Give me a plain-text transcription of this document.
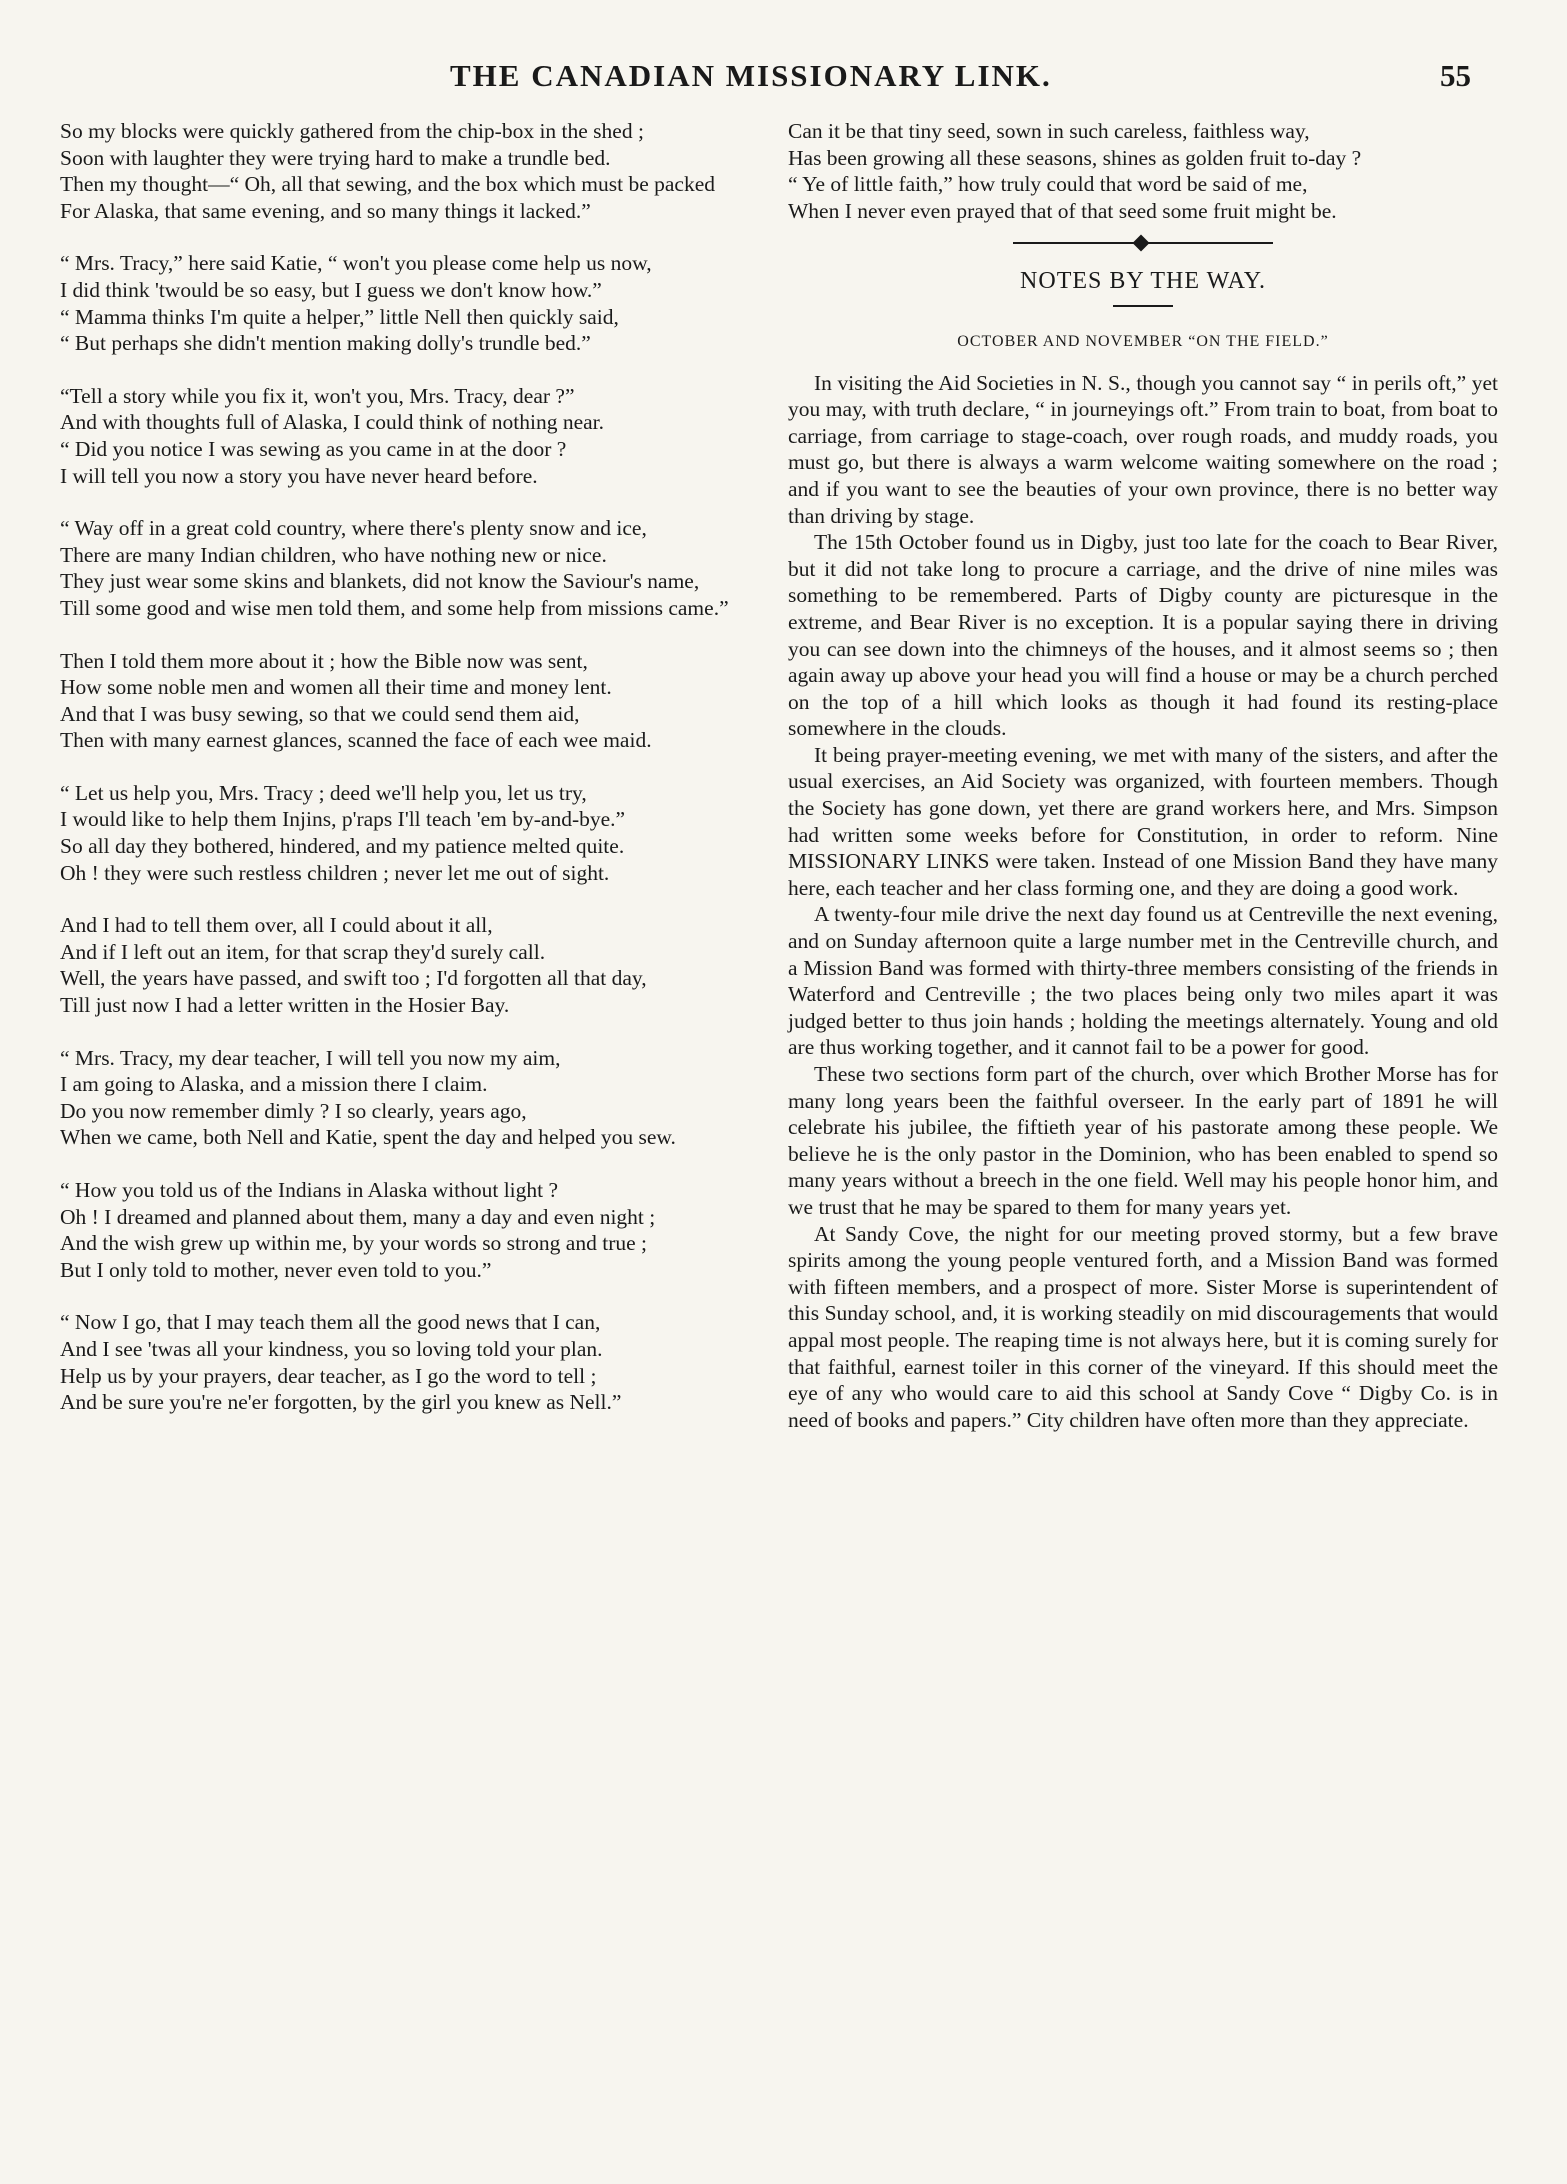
THE CANADIAN MISSIONARY LINK.	55

So my blocks were quickly gathered from the chip-box in the shed ;

Soon with laughter they were trying hard to make a trundle bed.

Then my thought—“ Oh, all that sewing, and the box which must be packed

For Alaska, that same evening, and so many things it lacked.”

“ Mrs. Tracy,” here said Katie, “ won't you please come help us now,

I did think 'twould be so easy, but I guess we don't know how.”

“ Mamma thinks I'm quite a helper,” little Nell then quickly said,

“ But perhaps she didn't mention making dolly's trundle bed.”

“Tell a story while you fix it, won't you, Mrs. Tracy, dear ?”

And with thoughts full of Alaska, I could think of nothing near.

“ Did you notice I was sewing as you came in at the door ?

I will tell you now a story you have never heard before.

“ Way off in a great cold country, where there's plenty snow and ice,

There are many Indian children, who have nothing new or nice.

They just wear some skins and blankets, did not know the Saviour's name,

Till some good and wise men told them, and some help from missions came.”

Then I told them more about it ; how the Bible now was sent,

How some noble men and women all their time and money lent.

And that I was busy sewing, so that we could send them aid,

Then with many earnest glances, scanned the face of each wee maid.

“ Let us help you, Mrs. Tracy ; deed we'll help you, let us try,

I would like to help them Injins, p'raps I'll teach 'em by-and-bye.”

So all day they bothered, hindered, and my patience melted quite.

Oh ! they were such restless children ; never let me out of sight.

And I had to tell them over, all I could about it all,

And if I left out an item, for that scrap they'd surely call.

Well, the years have passed, and swift too ; I'd forgotten all that day,

Till just now I had a letter written in the Hosier Bay.

“ Mrs. Tracy, my dear teacher, I will tell you now my aim,

I am going to Alaska, and a mission there I claim.

Do you now remember dimly ? I so clearly, years ago,

When we came, both Nell and Katie, spent the day and helped you sew.

“ How you told us of the Indians in Alaska without light ?

Oh ! I dreamed and planned about them, many a day and even night ;

And the wish grew up within me, by your words so strong and true ;

But I only told to mother, never even told to you.”

“ Now I go, that I may teach them all the good news that I can,

And I see 'twas all your kindness, you so loving told your plan.

Help us by your prayers, dear teacher, as I go the word to tell ;

And be sure you're ne'er forgotten, by the girl you knew as Nell.”

Can it be that tiny seed, sown in such careless, faithless way,

Has been growing all these seasons, shines as golden fruit to-day ?

“ Ye of little faith,” how truly could that word be said of me,

When I never even prayed that of that seed some fruit might be.

NOTES BY THE WAY.
OCTOBER AND NOVEMBER “ON THE FIELD.”

In visiting the Aid Societies in N. S., though you cannot say “ in perils oft,” yet you may, with truth declare, “ in journeyings oft.” From train to boat, from boat to carriage, from carriage to stage-coach, over rough roads, and muddy roads, you must go, but there is always a warm welcome waiting somewhere on the road ; and if you want to see the beauties of your own province, there is no better way than driving by stage.

The 15th October found us in Digby, just too late for the coach to Bear River, but it did not take long to procure a carriage, and the drive of nine miles was something to be remembered. Parts of Digby county are picturesque in the extreme, and Bear River is no exception. It is a popular saying there in driving you can see down into the chimneys of the houses, and it almost seems so ; then again away up above your head you will find a house or may be a church perched on the top of a hill which looks as though it had found its resting-place somewhere in the clouds.

It being prayer-meeting evening, we met with many of the sisters, and after the usual exercises, an Aid Society was organized, with fourteen members. Though the Society has gone down, yet there are grand workers here, and Mrs. Simpson had written some weeks before for Constitution, in order to reform. Nine MISSIONARY LINKS were taken. Instead of one Mission Band they have many here, each teacher and her class forming one, and they are doing a good work.

A twenty-four mile drive the next day found us at Centreville the next evening, and on Sunday afternoon quite a large number met in the Centreville church, and a Mission Band was formed with thirty-three members consisting of the friends in Waterford and Centreville ; the two places being only two miles apart it was judged better to thus join hands ; holding the meetings alternately. Young and old are thus working together, and it cannot fail to be a power for good.

These two sections form part of the church, over which Brother Morse has for many long years been the faithful overseer. In the early part of 1891 he will celebrate his jubilee, the fiftieth year of his pastorate among these people. We believe he is the only pastor in the Dominion, who has been enabled to spend so many years without a breech in the one field. Well may his people honor him, and we trust that he may be spared to them for many years yet.

At Sandy Cove, the night for our meeting proved stormy, but a few brave spirits among the young people ventured forth, and a Mission Band was formed with fifteen members, and a prospect of more. Sister Morse is superintendent of this Sunday school, and, it is working steadily on mid discouragements that would appal most people. The reaping time is not always here, but it is coming surely for that faithful, earnest toiler in this corner of the vineyard. If this should meet the eye of any who would care to aid this school at Sandy Cove “ Digby Co. is in need of books and papers.” City children have often more than they appreciate.
